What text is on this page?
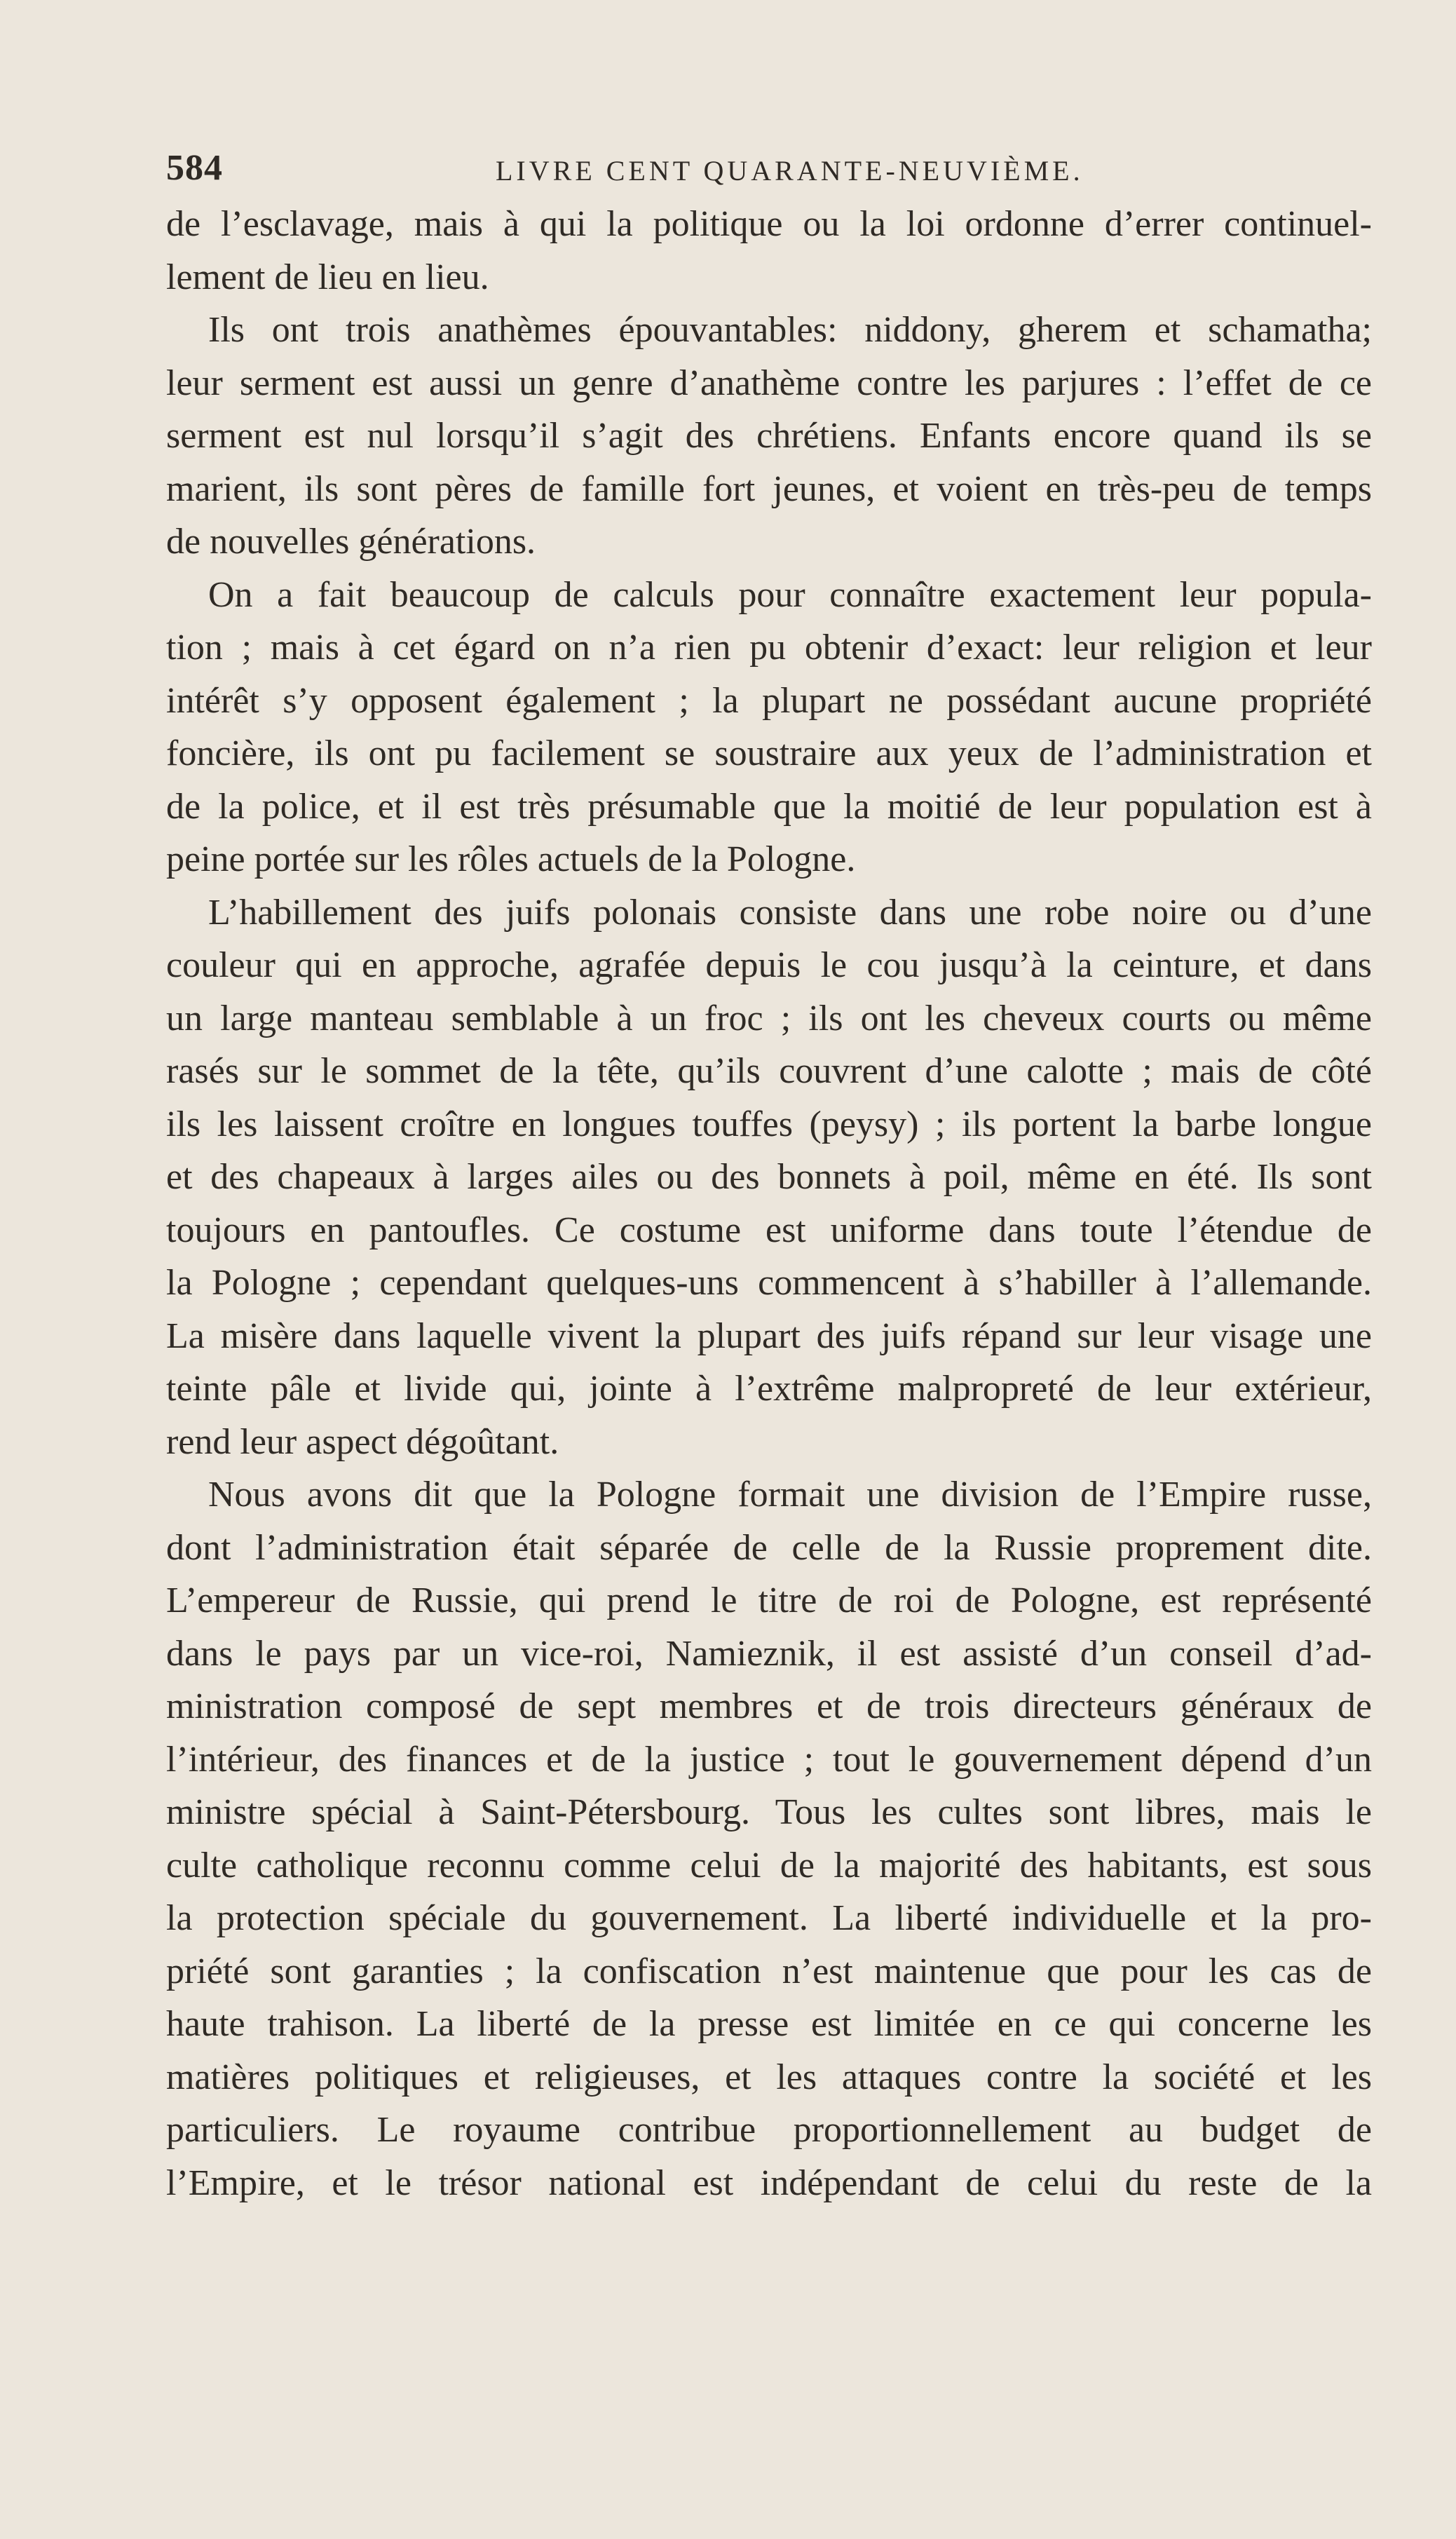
584	LIVRE CENT QUARANTE-NEUVIÈME.
de l’esclavage, mais à qui la politique ou la loi ordonne d’errer continuel-
lement de lieu en lieu.
Ils ont trois anathèmes épouvantables: niddony, gherem et schamatha;
leur serment est aussi un genre d’anathème contre les parjures : l’effet de ce
serment est nul lorsqu’il s’agit des chrétiens. Enfants encore quand ils se
marient, ils sont pères de famille fort jeunes, et voient en très-peu de temps
de nouvelles générations.
On a fait beaucoup de calculs pour connaître exactement leur popula-
tion ; mais à cet égard on n’a rien pu obtenir d’exact: leur religion et leur
intérêt s’y opposent également ; la plupart ne possédant aucune propriété
foncière, ils ont pu facilement se soustraire aux yeux de l’administration et
de la police, et il est très présumable que la moitié de leur population est à
peine portée sur les rôles actuels de la Pologne.
L’habillement des juifs polonais consiste dans une robe noire ou d’une
couleur qui en approche, agrafée depuis le cou jusqu’à la ceinture, et dans
un large manteau semblable à un froc ; ils ont les cheveux courts ou même
rasés sur le sommet de la tête, qu’ils couvrent d’une calotte ; mais de côté
ils les laissent croître en longues touffes (peysy) ; ils portent la barbe longue
et des chapeaux à larges ailes ou des bonnets à poil, même en été. Ils sont
toujours en pantoufles. Ce costume est uniforme dans toute l’étendue de
la Pologne ; cependant quelques-uns commencent à s’habiller à l’allemande.
La misère dans laquelle vivent la plupart des juifs répand sur leur visage une
teinte pâle et livide qui, jointe à l’extrême malpropreté de leur extérieur,
rend leur aspect dégoûtant.
Nous avons dit que la Pologne formait une division de l’Empire russe,
dont l’administration était séparée de celle de la Russie proprement dite.
L’empereur de Russie, qui prend le titre de roi de Pologne, est représenté
dans le pays par un vice-roi, Namieznik, il est assisté d’un conseil d’ad-
ministration composé de sept membres et de trois directeurs généraux de
l’intérieur, des finances et de la justice ; tout le gouvernement dépend d’un
ministre spécial à Saint-Pétersbourg. Tous les cultes sont libres, mais le
culte catholique reconnu comme celui de la majorité des habitants, est sous
la protection spéciale du gouvernement. La liberté individuelle et la pro-
priété sont garanties ; la confiscation n’est maintenue que pour les cas de
haute trahison. La liberté de la presse est limitée en ce qui concerne les
matières politiques et religieuses, et les attaques contre la société et les
particuliers. Le royaume contribue proportionnellement au budget de
l’Empire, et le trésor national est indépendant de celui du reste de la
